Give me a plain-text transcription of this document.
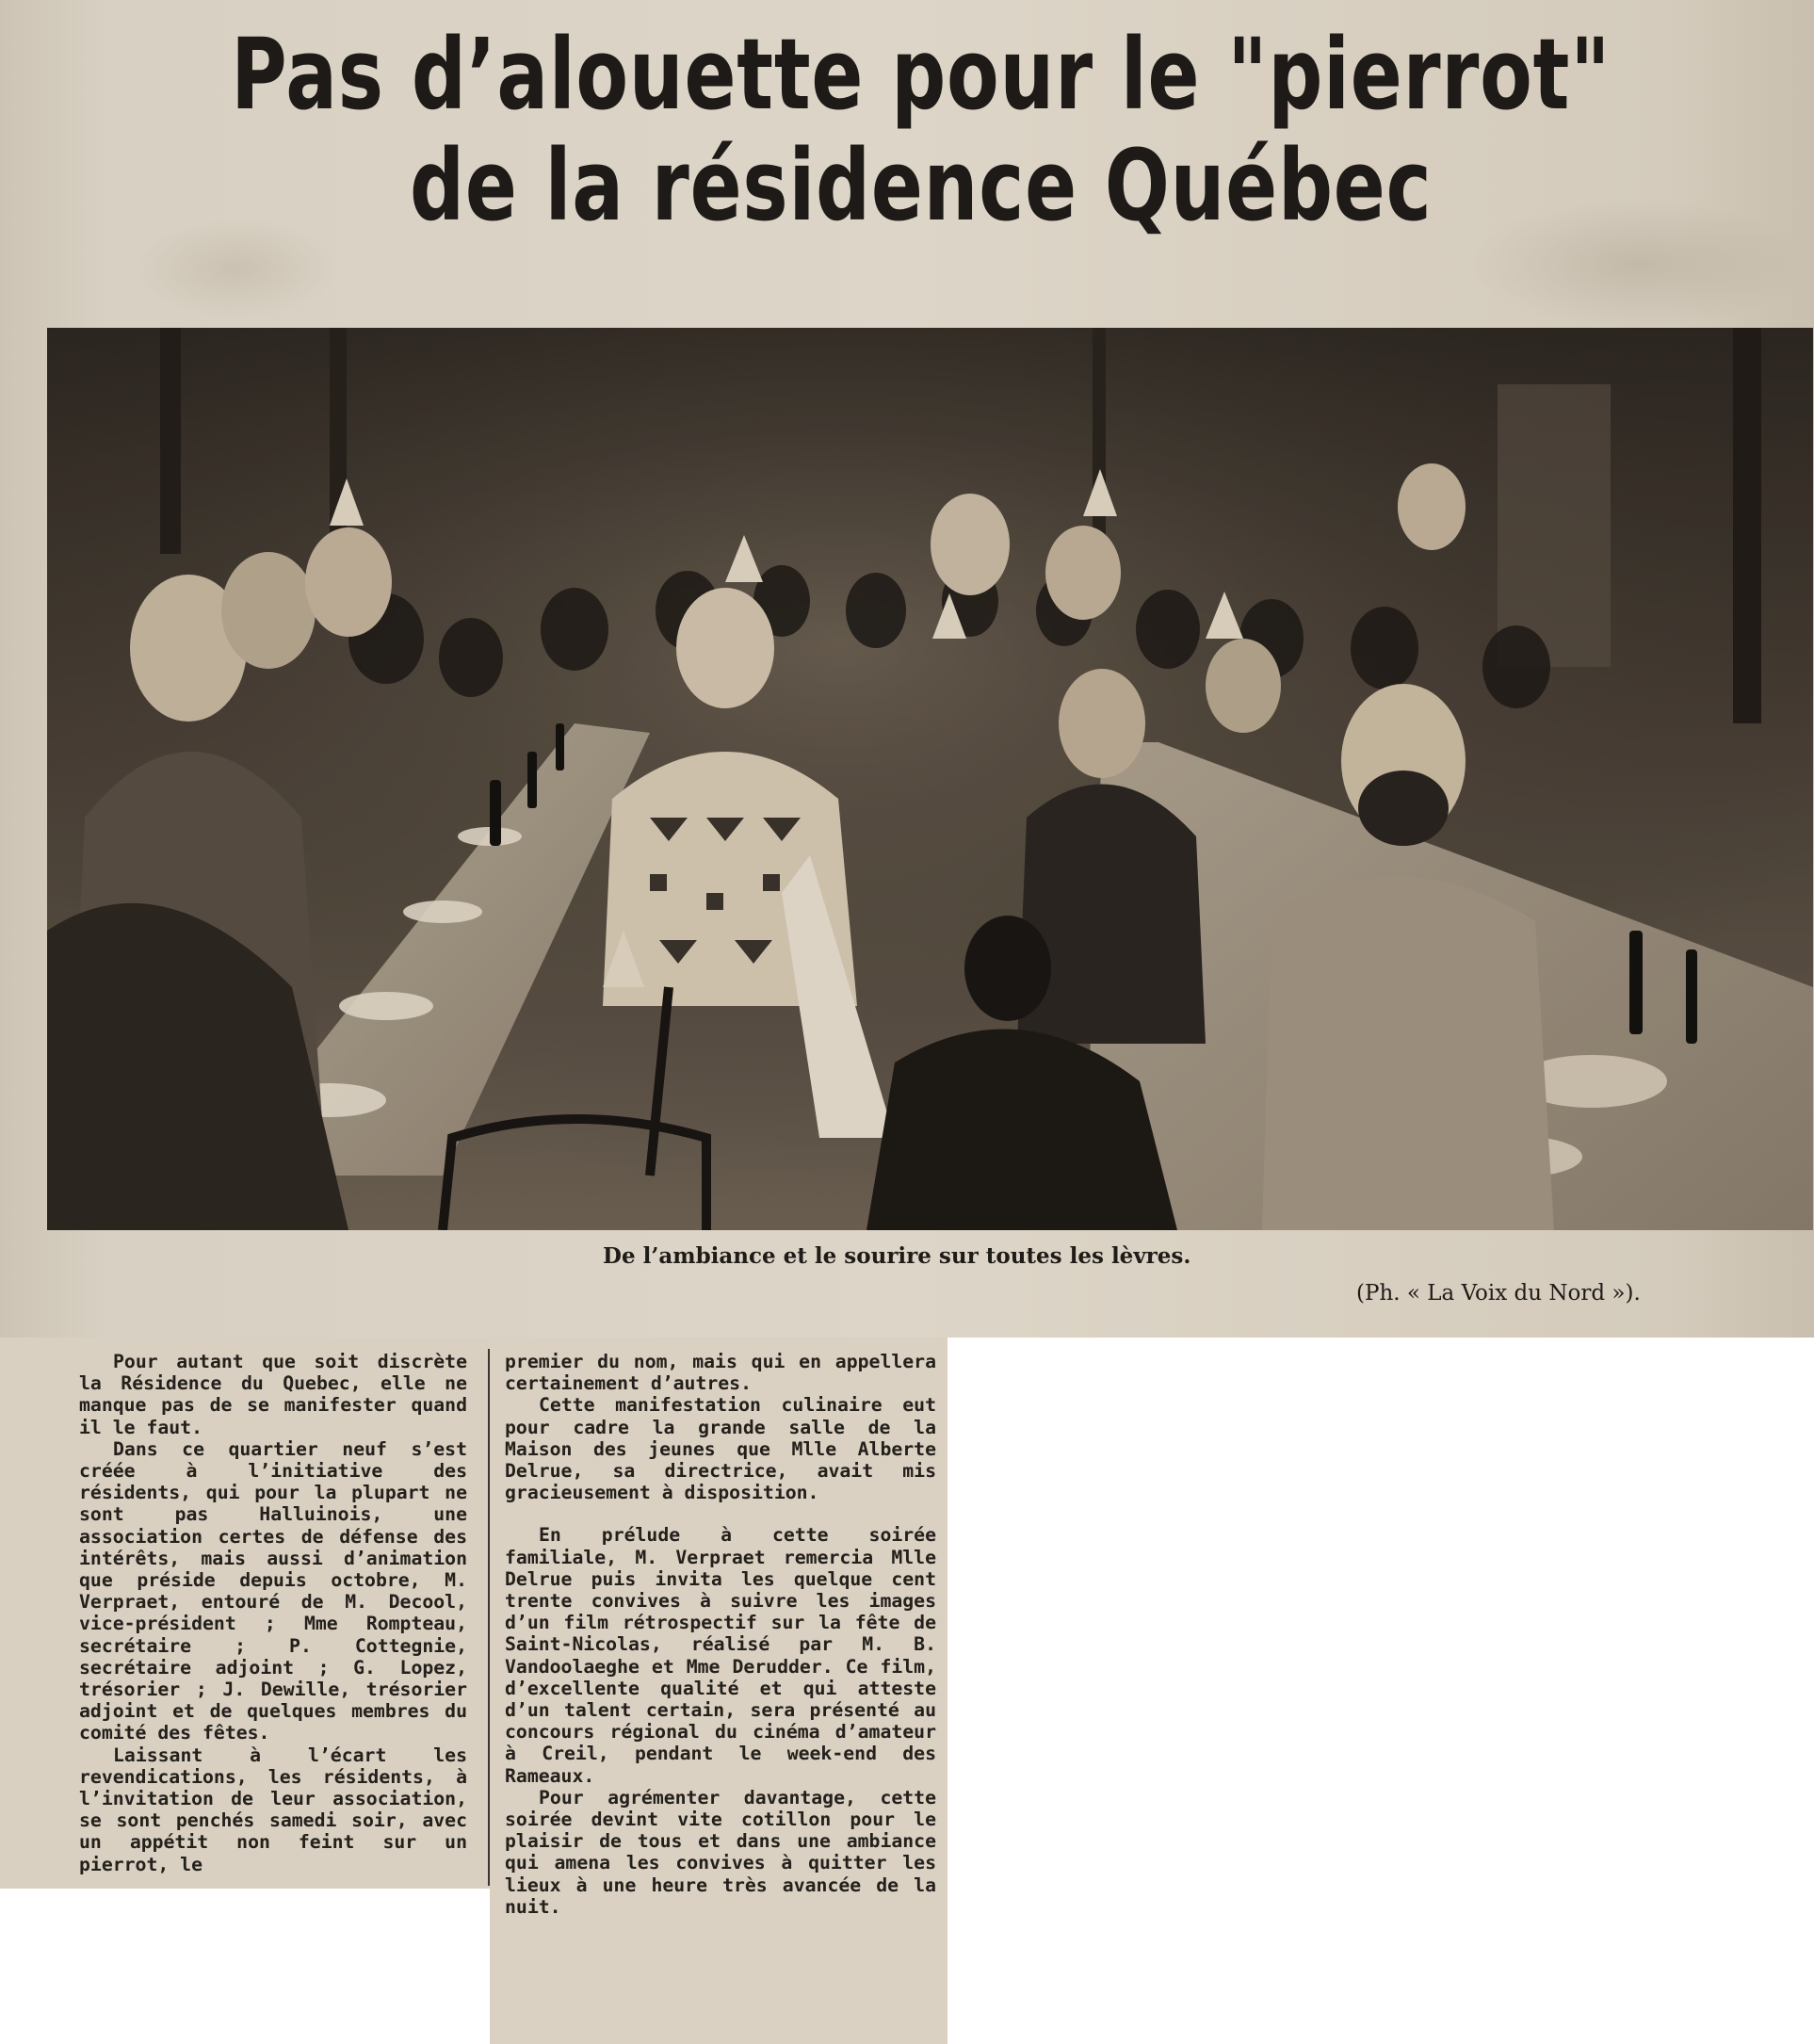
Pas d’alouette pour le "pierrot"
de la résidence Québec
De l’ambiance et le sourire sur toutes les lèvres.
(Ph. « La Voix du Nord »).

Pour autant que soit discrète la Résidence du Quebec, elle ne manque pas de se manifester quand il le faut.

Dans ce quartier neuf s’est créée à l’initiative des résidents, qui pour la plupart ne sont pas Halluinois, une association certes de défense des intérêts, mais aussi d’animation que préside depuis octobre, M. Verpraet, entouré de M. Decool, vice-président ; Mme Rompteau, secrétaire ; P. Cottegnie, secrétaire adjoint ; G. Lopez, trésorier ; J. Dewille, trésorier adjoint et de quelques membres du comité des fêtes.

Laissant à l’écart les revendications, les résidents, à l’invitation de leur association, se sont penchés samedi soir, avec un appétit non feint sur un pierrot, le

premier du nom, mais qui en appellera certainement d’autres.

Cette manifestation culinaire eut pour cadre la grande salle de la Maison des jeunes que Mlle Alberte Delrue, sa directrice, avait mis gracieusement à disposition.

En prélude à cette soirée familiale, M. Verpraet remercia Mlle Delrue puis invita les quelque cent trente convives à suivre les images d’un film rétrospectif sur la fête de Saint-Nicolas, réalisé par M. B. Vandoolaeghe et Mme Derudder. Ce film, d’excellente qualité et qui atteste d’un talent certain, sera présenté au concours régional du cinéma d’amateur à Creil, pendant le week-end des Rameaux.

Pour agrémenter davantage, cette soirée devint vite cotillon pour le plaisir de tous et dans une ambiance qui amena les convives à quitter les lieux à une heure très avancée de la nuit.
